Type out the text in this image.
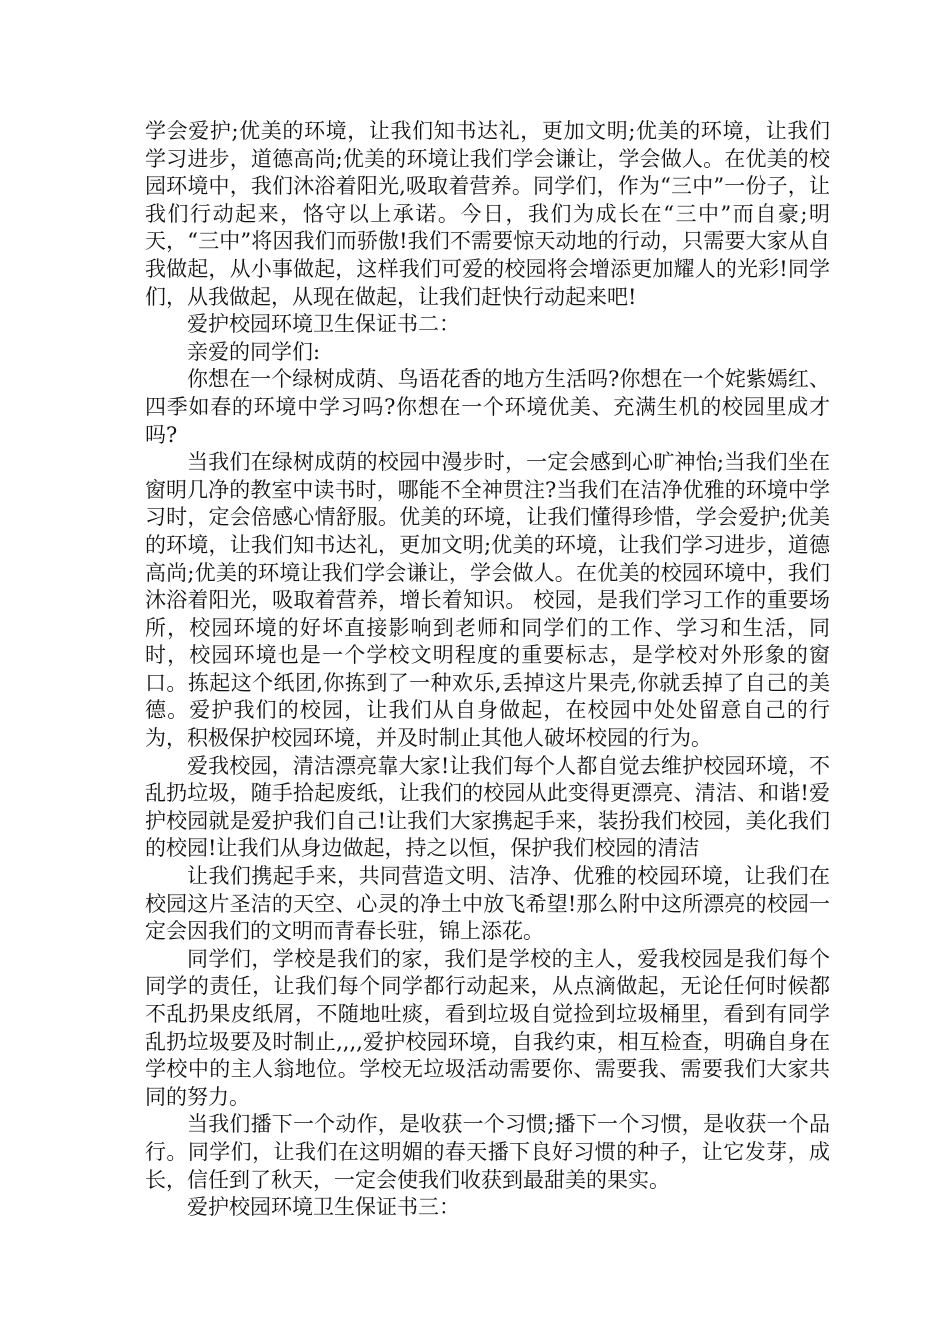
学会爱护;优美的环境，让我们知书达礼，更加文明;优美的环境，让我们学习进步，道德高尚;优美的环境让我们学会谦让，学会做人。在优美的校园环境中，我们沐浴着阳光,吸取着营养。同学们，作为“三中”一份子，让我们行动起来，恪守以上承诺。今日，我们为成长在“三中”而自豪;明天，“三中”将因我们而骄傲!我们不需要惊天动地的行动，只需要大家从自我做起，从小事做起，这样我们可爱的校园将会增添更加耀人的光彩!同学们，从我做起，从现在做起，让我们赶快行动起来吧!

爱护校园环境卫生保证书二：

亲爱的同学们:

你想在一个绿树成荫、鸟语花香的地方生活吗?你想在一个姹紫嫣红、四季如春的环境中学习吗?你想在一个环境优美、充满生机的校园里成才吗?

当我们在绿树成荫的校园中漫步时，一定会感到心旷神怡;当我们坐在窗明几净的教室中读书时，哪能不全神贯注?当我们在洁净优雅的环境中学习时，定会倍感心情舒服。优美的环境，让我们懂得珍惜，学会爱护;优美的环境，让我们知书达礼，更加文明;优美的环境，让我们学习进步，道德高尚;优美的环境让我们学会谦让，学会做人。在优美的校园环境中，我们沐浴着阳光，吸取着营养，增长着知识。 校园，是我们学习工作的重要场所，校园环境的好坏直接影响到老师和同学们的工作、学习和生活，同时，校园环境也是一个学校文明程度的重要标志，是学校对外形象的窗口。拣起这个纸团,你拣到了一种欢乐,丢掉这片果壳,你就丢掉了自己的美德。爱护我们的校园，让我们从自身做起，在校园中处处留意自己的行为，积极保护校园环境，并及时制止其他人破坏校园的行为。

爱我校园，清洁漂亮靠大家!让我们每个人都自觉去维护校园环境，不乱扔垃圾，随手拾起废纸，让我们的校园从此变得更漂亮、清洁、和谐!爱护校园就是爱护我们自己!让我们大家携起手来，装扮我们校园，美化我们的校园!让我们从身边做起，持之以恒，保护我们校园的清洁

让我们携起手来，共同营造文明、洁净、优雅的校园环境，让我们在校园这片圣洁的天空、心灵的净土中放飞希望!那么附中这所漂亮的校园一定会因我们的文明而青春长驻，锦上添花。

同学们，学校是我们的家，我们是学校的主人，爱我校园是我们每个同学的责任，让我们每个同学都行动起来，从点滴做起，无论任何时候都不乱扔果皮纸屑，不随地吐痰，看到垃圾自觉捡到垃圾桶里，看到有同学乱扔垃圾要及时制止,,,,爱护校园环境，自我约束，相互检查，明确自身在学校中的主人翁地位。学校无垃圾活动需要你、需要我、需要我们大家共同的努力。

当我们播下一个动作，是收获一个习惯;播下一个习惯，是收获一个品行。同学们，让我们在这明媚的春天播下良好习惯的种子，让它发芽，成长，信任到了秋天，一定会使我们收获到最甜美的果实。

爱护校园环境卫生保证书三：
